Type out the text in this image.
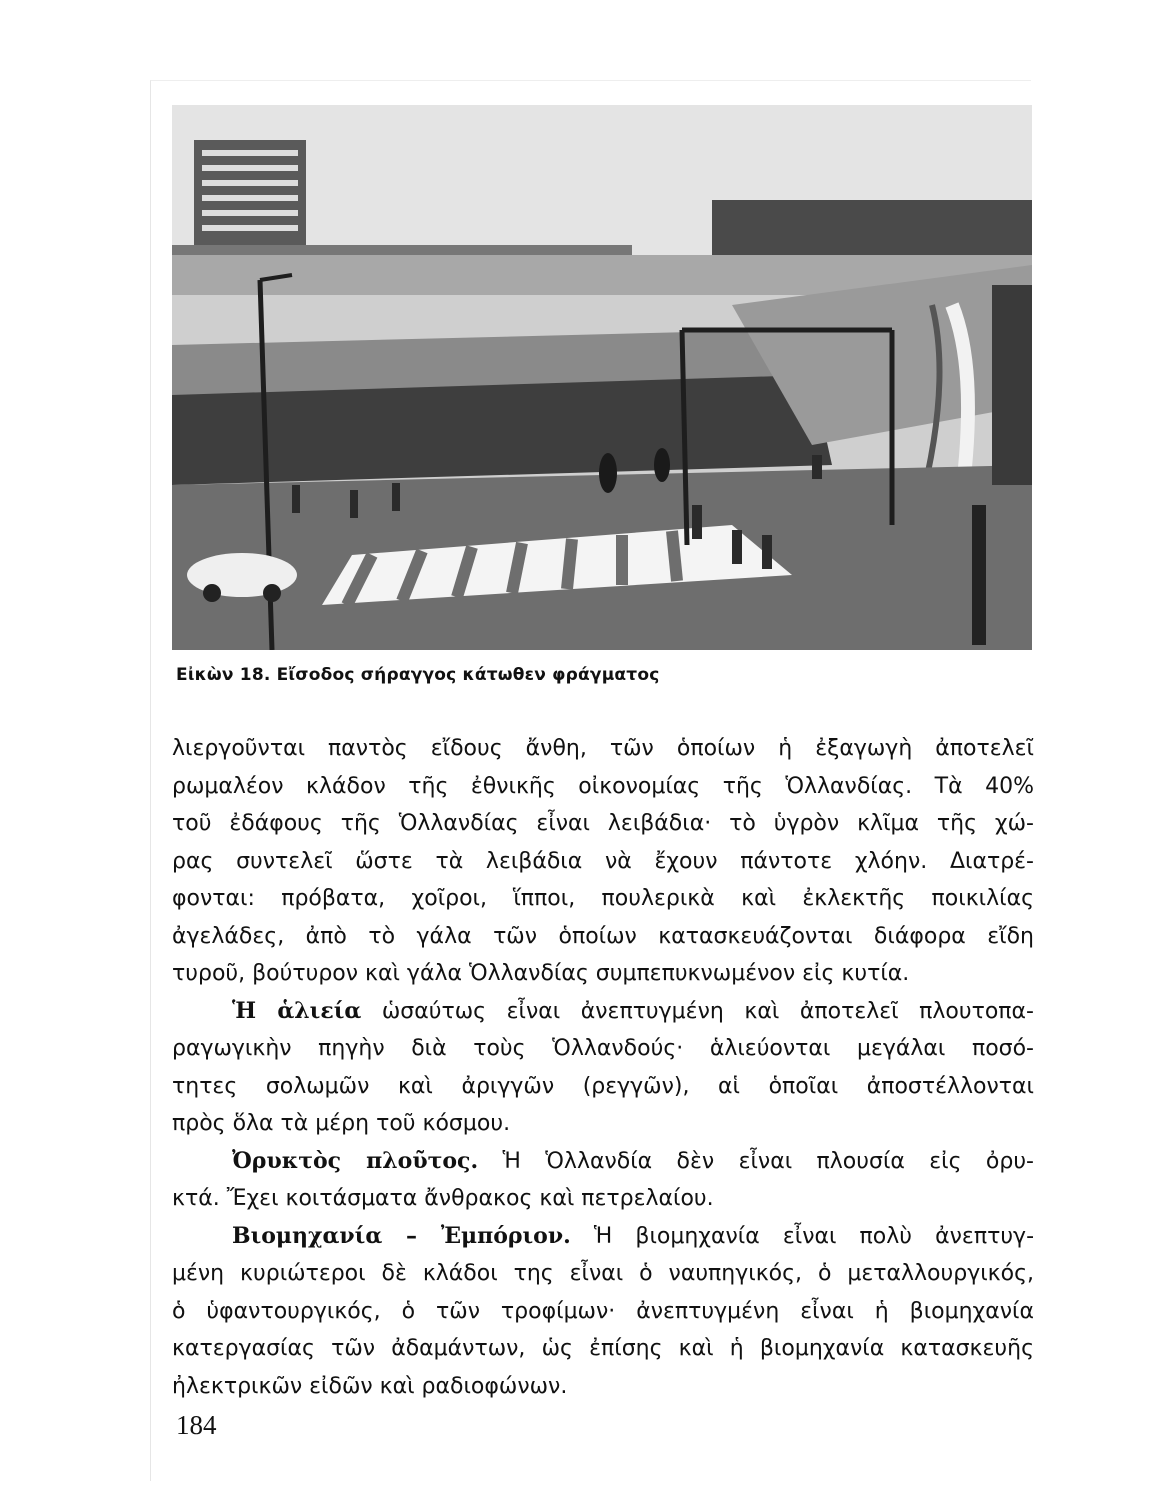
Εἰκὼν 18. Εἴσοδος σήραγγος κάτωθεν φράγματος

λιεργοῦνται παντὸς εἴδους ἄνθη, τῶν ὁποίων ἡ ἐξαγωγὴ ἀποτελεῖ
ρωμαλέον κλάδον τῆς ἐθνικῆς οἰκονομίας τῆς Ὁλλανδίας. Τὰ 40%
τοῦ ἐδάφους τῆς Ὁλλανδίας εἶναι λειβάδια· τὸ ὑγρὸν κλῖμα τῆς χώ-
ρας συντελεῖ ὥστε τὰ λειβάδια νὰ ἔχουν πάντοτε χλόην. Διατρέ-
φονται: πρόβατα, χοῖροι, ἵπποι, πουλερικὰ καὶ ἐκλεκτῆς ποικιλίας
ἀγελάδες, ἀπὸ τὸ γάλα τῶν ὁποίων κατασκευάζονται διάφορα εἴδη
τυροῦ, βούτυρον καὶ γάλα Ὁλλανδίας συμπεπυκνωμένον εἰς κυτία.

Ἡ ἁλιεία ὡσαύτως εἶναι ἀνεπτυγμένη καὶ ἀποτελεῖ πλουτοπα-
ραγωγικὴν πηγὴν διὰ τοὺς Ὁλλανδούς· ἁλιεύονται μεγάλαι ποσό-
τητες σολωμῶν καὶ ἀριγγῶν (ρεγγῶν), αἱ ὁποῖαι ἀποστέλλονται
πρὸς ὅλα τὰ μέρη τοῦ κόσμου.

Ὀρυκτὸς πλοῦτος. Ἡ Ὁλλανδία δὲν εἶναι πλουσία εἰς ὀρυ-
κτά. Ἔχει κοιτάσματα ἄνθρακος καὶ πετρελαίου.

Βιομηχανία – Ἐμπόριον. Ἡ βιομηχανία εἶναι πολὺ ἀνεπτυγ-
μένη κυριώτεροι δὲ κλάδοι της εἶναι ὁ ναυπηγικός, ὁ μεταλλουργικός,
ὁ ὑφαντουργικός, ὁ τῶν τροφίμων· ἀνεπτυγμένη εἶναι ἡ βιομηχανία
κατεργασίας τῶν ἀδαμάντων, ὡς ἐπίσης καὶ ἡ βιομηχανία κατασκευῆς
ἠλεκτρικῶν εἰδῶν καὶ ραδιοφώνων.

184
